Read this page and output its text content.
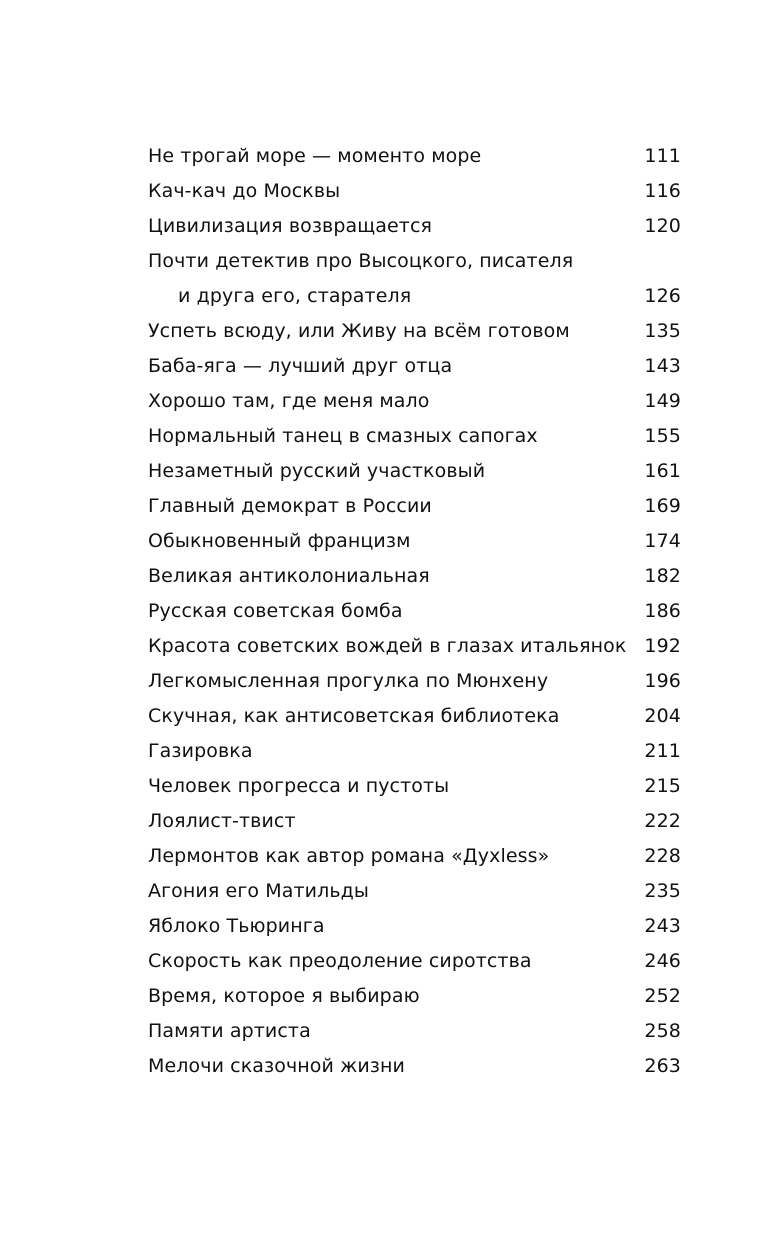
Не трогай море — моменто море	111
Кач-кач до Москвы	116
Цивилизация возвращается	120
Почти детектив про Высоцкого, писателя
и друга его, старателя	126
Успеть всюду, или Живу на всём готовом	135
Баба-яга — лучший друг отца	143
Хорошо там, где меня мало	149
Нормальный танец в смазных сапогах	155
Незаметный русский участковый	161
Главный демократ в России	169
Обыкновенный францизм	174
Великая антиколониальная	182
Русская советская бомба	186
Красота советских вождей в глазах итальянок 192
Легкомысленная прогулка по Мюнхену	196
Скучная, как антисоветская библиотека	204
Газировка	211
Человек прогресса и пустоты	215
Лоялист-твист	222
Лермонтов как автор романа «Дyxless»	228
Агония его Матильды	235
Яблоко Тьюринга	243
Скорость как преодоление сиротства	246
Время, которое я выбираю	252
Памяти артиста	258
Мелочи сказочной жизни	263
